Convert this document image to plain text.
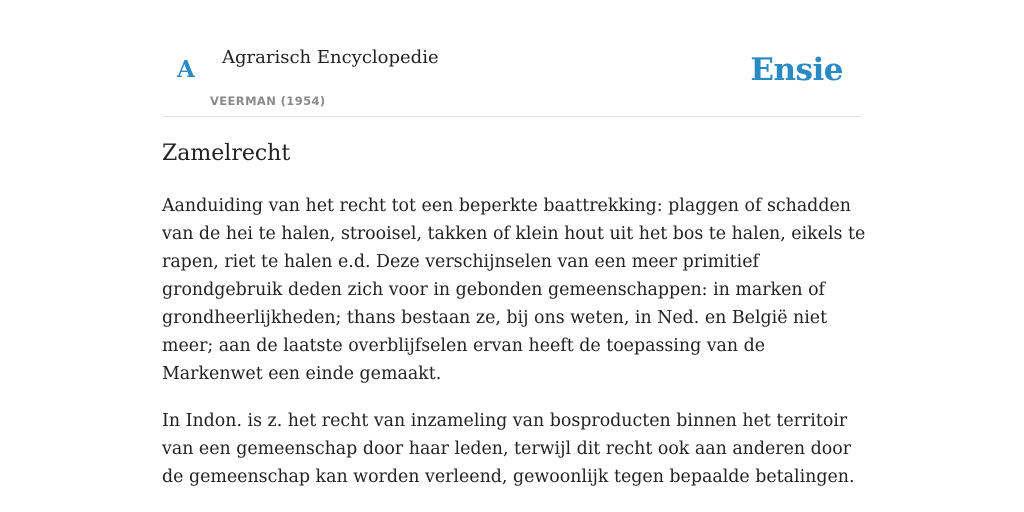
A Agrarisch Encyclopedie
VEERMAN (1954)
Ensie
Zamelrecht

Aanduiding van het recht tot een beperkte baattrekking: plaggen of schadden van de hei te halen, strooisel, takken of klein hout uit het bos te halen, eikels te rapen, riet te halen e.d. Deze verschijnselen van een meer primitief grondgebruik deden zich voor in gebonden gemeenschappen: in marken of grondheerlijkheden; thans bestaan ze, bij ons weten, in Ned. en België niet meer; aan de laatste overblijfselen ervan heeft de toepassing van de Markenwet een einde gemaakt.

In Indon. is z. het recht van inzameling van bosproducten binnen het territoir van een gemeenschap door haar leden, terwijl dit recht ook aan anderen door de gemeenschap kan worden verleend, gewoonlijk tegen bepaalde betalingen.
